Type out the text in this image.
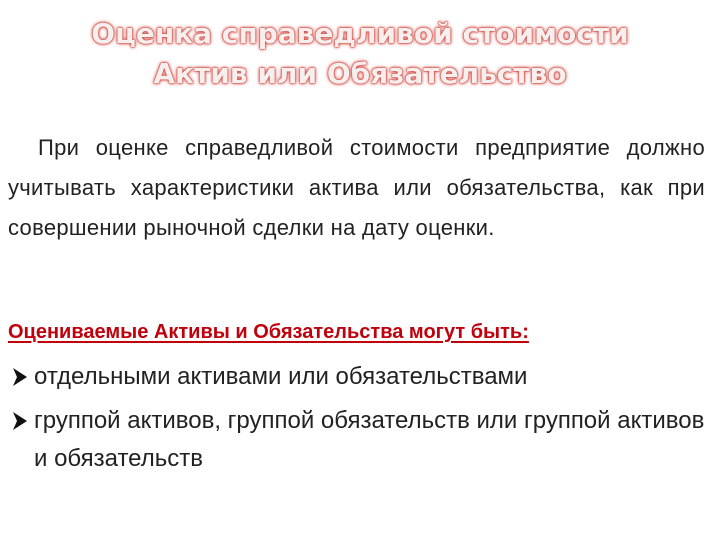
Оценка справедливой стоимости
Актив или Обязательство

При оценке справедливой стоимости предприятие должно учитывать характеристики актива или обязательства, как при совершении рыночной сделки на дату оценки.

Оцениваемые Активы и Обязательства могут быть:

отдельными активами или обязательствами
группой активов, группой обязательств или группой активов и обязательств
